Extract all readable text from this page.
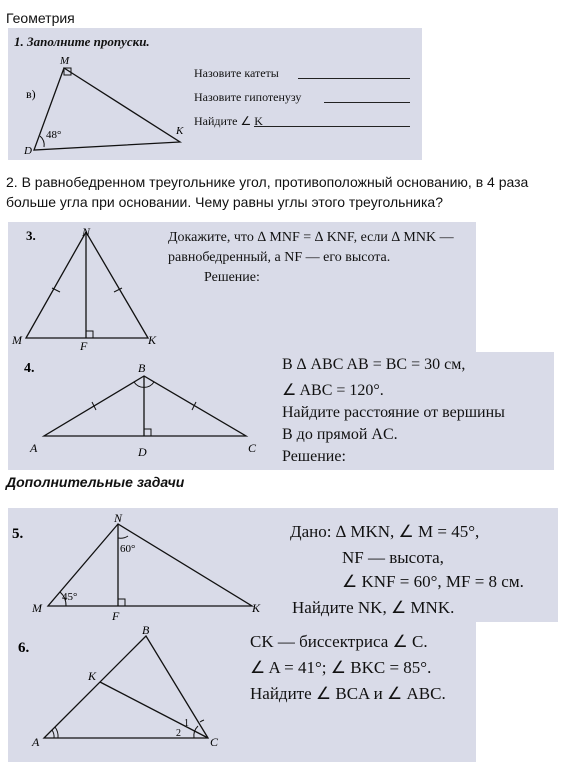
Геометрия
1. Заполните пропуски.
в)
M
K
D
48°
Назовите катеты
Назовите гипотенузу
Найдите ∠ K
2. В равнобедренном треугольнике угол, противоположный основанию, в 4 раза больше угла при основании. Чему равны углы этого треугольника?
3.	N
M	F	K
Докажите, что ∆ MNF = ∆ KNF, если ∆ MNK —
равнобедренный, а NF — его высота.
Решение:
4.	B
A	D	C
В ∆ ABC AB = BC = 30 см,
∠ ABC = 120°.
Найдите расстояние от вершины
B до прямой AC.
Решение:
Дополнительные задачи
5.
N
M
F
K
60°
45°
Дано: ∆ MKN, ∠ M = 45°,
NF — высота,
∠ KNF = 60°, MF = 8 см.
Найдите NK, ∠ MNK.
6.
B
K
A	C
1
2
CK — биссектриса ∠ C.
∠ A = 41°; ∠ BKC = 85°.
Найдите ∠ BCA и ∠ ABC.
